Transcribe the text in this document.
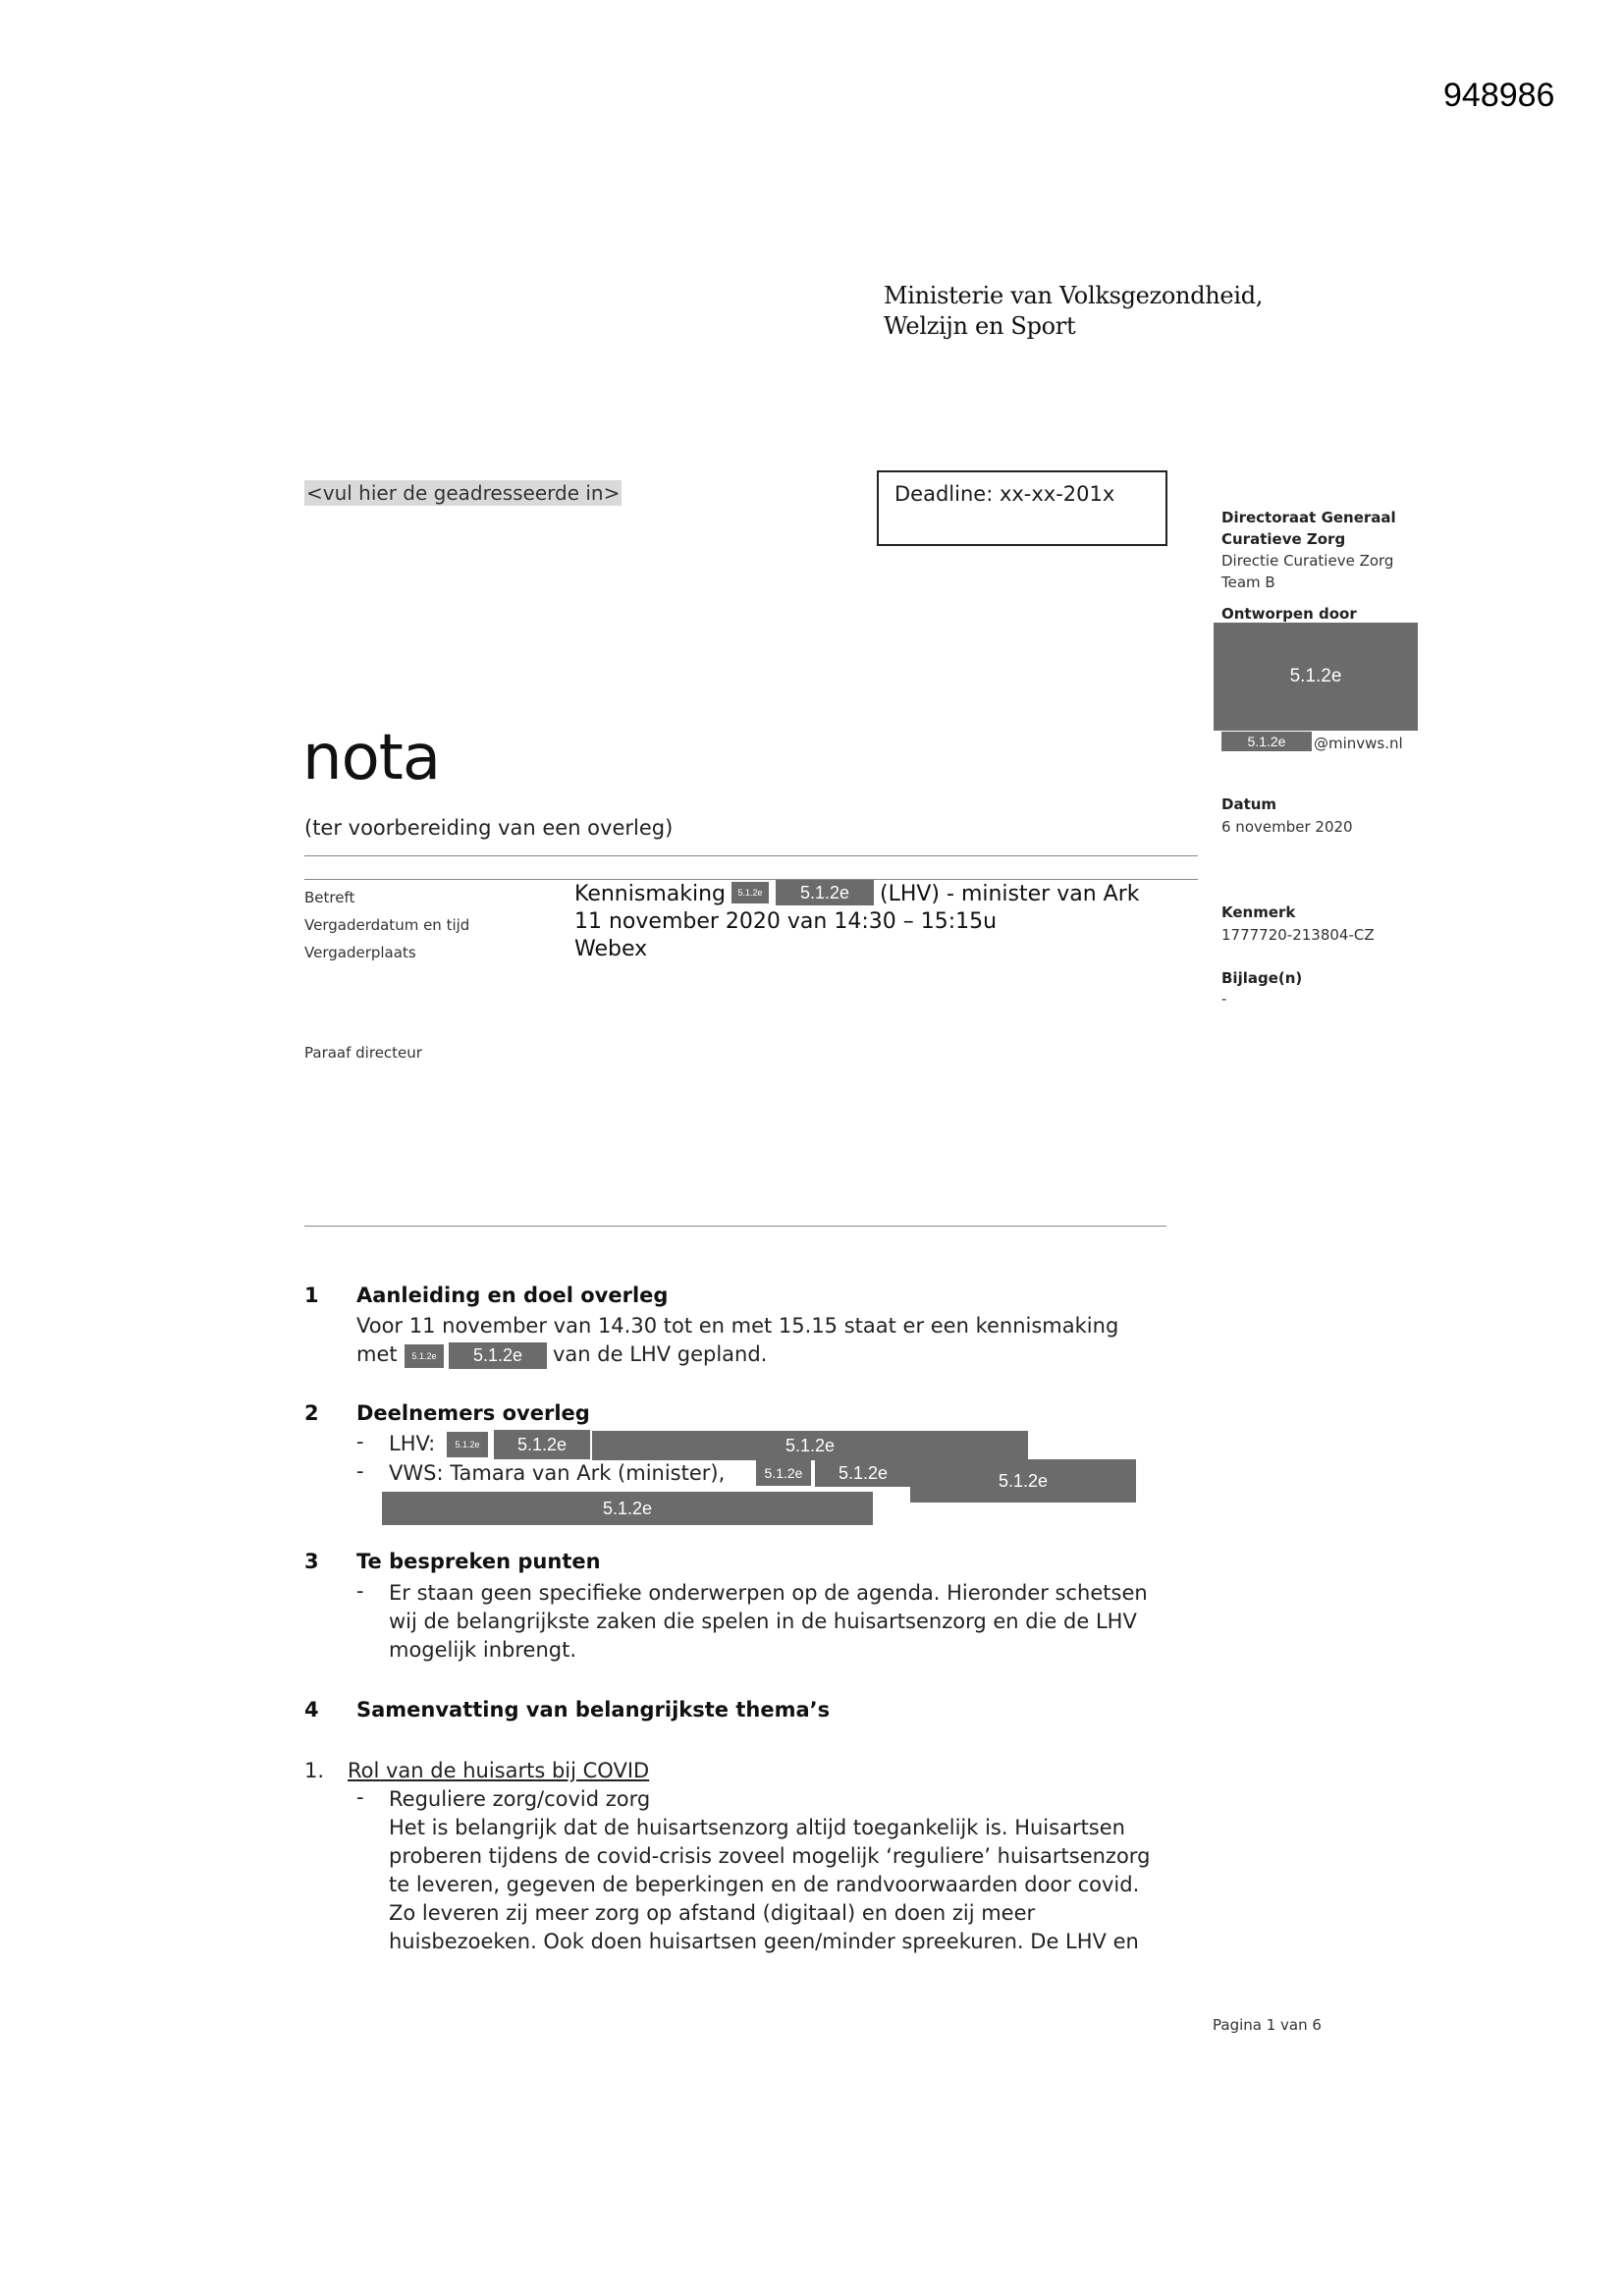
948986
Ministerie van Volksgezondheid,
Welzijn en Sport
<vul hier de geadresseerde in>	Deadline: xx-xx-201x
Directoraat Generaal
Curatieve Zorg
Directie Curatieve Zorg
Team B
Ontworpen door
5.1.2e
5.1.2e	@minvws.nl
Datum
6 november 2020
Kenmerk
1777720-213804-CZ
Bijlage(n)
-
nota
(ter voorbereiding van een overleg)
Betreft	Kennismaking	5.1.2e	5.1.2e	(LHV) - minister van Ark
Vergaderdatum en tijd	11 november 2020 van 14:30 – 15:15u
Vergaderplaats	Webex
Paraaf directeur
1 Aanleiding en doel overleg
Voor 11 november van 14.30 tot en met 15.15 staat er een kennismaking
met	5.1.2e	5.1.2e	van de LHV gepland.
2 Deelnemers overleg
- LHV:	5.1.2e	5.1.2e	5.1.2e
- VWS: Tamara van Ark (minister),	5.1.2e	5.1.2e	5.1.2e
5.1.2e
3 Te bespreken punten
- Er staan geen specifieke onderwerpen op de agenda. Hieronder schetsen
wij de belangrijkste zaken die spelen in de huisartsenzorg en die de LHV
mogelijk inbrengt.
4 Samenvatting van belangrijkste thema’s
1. Rol van de huisarts bij COVID
- Reguliere zorg/covid zorg
Het is belangrijk dat de huisartsenzorg altijd toegankelijk is. Huisartsen
proberen tijdens de covid-crisis zoveel mogelijk ‘reguliere’ huisartsenzorg
te leveren, gegeven de beperkingen en de randvoorwaarden door covid.
Zo leveren zij meer zorg op afstand (digitaal) en doen zij meer
huisbezoeken. Ook doen huisartsen geen/minder spreekuren. De LHV en
Pagina 1 van 6
